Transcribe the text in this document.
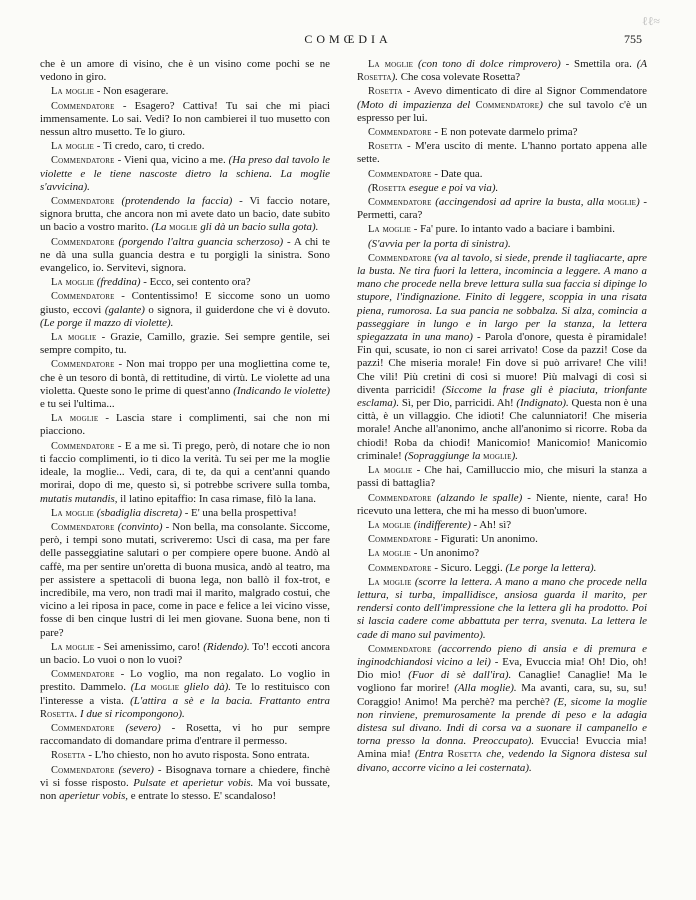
COMŒDIA	755
ℓℓ≈

che è un amore di visino, che è un visino come pochi se ne vedono in giro.

La moglie - Non esagerare.

Commendatore - Esagero? Cattiva! Tu sai che mi piaci immensamente. Lo sai. Vedi? Io non cambierei il tuo musetto con nessun altro musetto. Te lo giuro.

La moglie - Ti credo, caro, ti credo.

Commendatore - Vieni qua, vicino a me. (Ha preso dal tavolo le violette e le tiene nascoste dietro la schiena. La moglie s'avvicina).

Commendatore (protendendo la faccia) - Vi faccio notare, signora brutta, che ancora non mi avete dato un bacio, date subito un bacio a vostro marito. (La moglie gli dà un bacio sulla gota).

Commendatore (porgendo l'altra guancia scherzoso) - A chi te ne dà una sulla guancia destra e tu porgigli la sinistra. Sono evangelico, io. Servitevi, signora.

La moglie (freddina) - Ecco, sei contento ora?

Commendatore - Contentissimo! E siccome sono un uomo giusto, eccovi (galante) o signora, il guiderdone che vi è dovuto. (Le porge il mazzo di violette).

La moglie - Grazie, Camillo, grazie. Sei sempre gentile, sei sempre compito, tu.

Commendatore - Non mai troppo per una mogliettina come te, che è un tesoro di bontà, di rettitudine, di virtù. Le violette ad una violetta. Queste sono le prime di quest'anno (Indicando le violette) e tu sei l'ultima...

La moglie - Lascia stare i complimenti, sai che non mi piacciono.

Commendatore - E a me sì. Ti prego, però, di notare che io non ti faccio complimenti, io ti dico la verità. Tu sei per me la moglie ideale, la moglie... Vedi, cara, di te, da qui a cent'anni quando morirai, dopo di me, questo sì, si potrebbe scrivere sulla tomba, mutatis mutandis, il latino epitaffio: In casa rimase, filò la lana.

La moglie (sbadiglia discreta) - E' una bella prospettiva!

Commendatore (convinto) - Non bella, ma consolante. Siccome, però, i tempi sono mutati, scriveremo: Uscì di casa, ma per fare delle passeggiatine salutari o per compiere opere buone. Andò al caffè, ma per sentire un'oretta di buona musica, andò al teatro, ma per assistere a spettacoli di buona lega, non ballò il fox-trot, e incredibile, ma vero, non tradì mai il marito, malgrado costui, che vicino a lei riposa in pace, come in pace e felice a lei vicino visse, fosse di ben cinque lustri di lei men giovane. Suona bene, non ti pare?

La moglie - Sei amenissimo, caro! (Ridendo). To'! eccoti ancora un bacio. Lo vuoi o non lo vuoi?

Commendatore - Lo voglio, ma non regalato. Lo voglio in prestito. Dammelo. (La moglie glielo dà). Te lo restituisco con l'interesse a vista. (L'attira a sè e la bacia. Frattanto entra Rosetta. I due si ricompongono).

Commendatore (severo) - Rosetta, vi ho pur sempre raccomandato di domandare prima d'entrare il permesso.

Rosetta - L'ho chiesto, non ho avuto risposta. Sono entrata.

Commendatore (severo) - Bisognava tornare a chiedere, finchè vi si fosse risposto. Pulsate et aperietur vobis. Ma voi bussate, non aperietur vobis, e entrate lo stesso. E' scandaloso!

La moglie (con tono di dolce rimprovero) - Smettila ora. (A Rosetta). Che cosa volevate Rosetta?

Rosetta - Avevo dimenticato di dire al Signor Commendatore (Moto di impazienza del Commendatore) che sul tavolo c'è un espresso per lui.

Commendatore - E non potevate darmelo prima?

Rosetta - M'era uscito di mente. L'hanno portato appena alle sette.

Commendatore - Date qua.

(Rosetta esegue e poi va via).

Commendatore (accingendosi ad aprire la busta, alla moglie) - Permetti, cara?

La moglie - Fa' pure. Io intanto vado a baciare i bambini.

(S'avvia per la porta di sinistra).

Commendatore (va al tavolo, si siede, prende il tagliacarte, apre la busta. Ne tira fuori la lettera, incomincia a leggere. A mano a mano che procede nella breve lettura sulla sua faccia si dipinge lo stupore, l'indignazione. Finito di leggere, scoppia in una risata piena, rumorosa. La sua pancia ne sobbalza. Si alza, comincia a passeggiare in lungo e in largo per la stanza, la lettera spiegazzata in una mano) - Parola d'onore, questa è piramidale! Fin qui, scusate, io non ci sarei arrivato! Cose da pazzi! Cose da pazzi! Che miseria morale! Fin dove si può arrivare! Che vili! Che vili! Più cretini di così si muore! Più malvagi di così si diventa parricidi! (Siccome la frase gli è piaciuta, trionfante esclama). Sì, per Dio, parricidi. Ah! (Indignato). Questa non è una città, è un villaggio. Che idioti! Che calunniatori! Che miseria morale! Anche all'anonimo, anche all'anonimo si ricorre. Roba da chiodi! Roba da chiodi! Manicomio! Manicomio! Manicomio criminale! (Sopraggiunge la moglie).

La moglie - Che hai, Camilluccio mio, che misuri la stanza a passi di battaglia?

Commendatore (alzando le spalle) - Niente, niente, cara! Ho ricevuto una lettera, che mi ha messo di buon'umore.

La moglie (indifferente) - Ah! sì?

Commendatore - Figurati: Un anonimo.

La moglie - Un anonimo?

Commendatore - Sicuro. Leggi. (Le porge la lettera).

La moglie (scorre la lettera. A mano a mano che procede nella lettura, si turba, impallidisce, ansiosa guarda il marito, per rendersi conto dell'impressione che la lettera gli ha prodotto. Poi si lascia cadere come abbattuta per terra, svenuta. La lettera le cade di mano sul pavimento).

Commendatore (accorrendo pieno di ansia e di premura e inginodchiandosi vicino a lei) - Eva, Evuccia mia! Oh! Dio, oh! Dio mio! (Fuor di sè dall'ira). Canaglie! Canaglie! Ma le vogliono far morire! (Alla moglie). Ma avanti, cara, su, su, su! Coraggio! Animo! Ma perchè? ma perchè? (E, sicome la moglie non rinviene, premurosamente la prende di peso e la adagia distesa sul divano. Indi di corsa va a suonare il campanello e torna presso la donna. Preoccupato). Evuccia! Evuccia mia! Amina mia! (Entra Rosetta che, vedendo la Signora distesa sul divano, accorre vicino a lei costernata).
